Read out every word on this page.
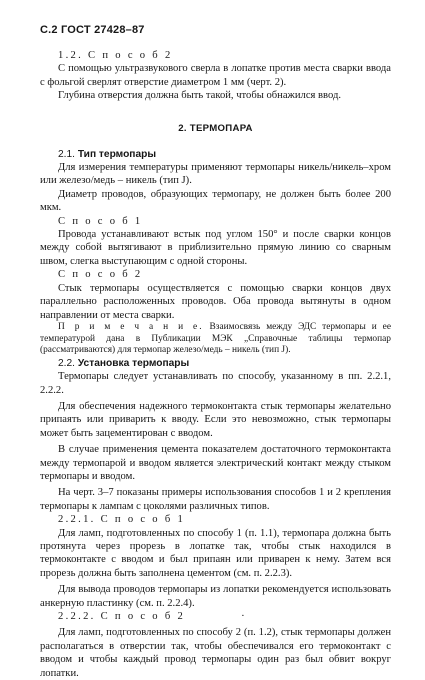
С.2 ГОСТ 27428–87

1.2. С п о с о б 2

С помощью ультразвукового сверла в лопатке против места сварки ввода с фольгой сверлят отверстие диаметром 1 мм (черт. 2).

Глубина отверстия должна быть такой, чтобы обнажился ввод.

2. ТЕРМОПАРА

2.1. Тип термопары

Для измерения температуры применяют термопары никель/никель–хром или железо/медь – никель (тип J).

Диаметр проводов, образующих термопару, не должен быть более 200 мкм.

С п о с о б 1

Провода устанавливают встык под углом 150° и после сварки концов между собой вытягивают в приблизительно прямую линию со сварным швом, слегка выступающим с одной стороны.

С п о с о б 2

Стык термопары осуществляется с помощью сварки концов двух параллельно расположенных проводов. Оба провода вытянуты в одном направлении от места сварки.

П р и м е ч а н и е. Взаимосвязь между ЭДС термопары и ее температурой дана в Публикации МЭК „Справочные таблицы термопар (рассматриваются) для термопар железо/медь – никель (тип J).

2.2. Установка термопары

Термопары следует устанавливать по способу, указанному в пп. 2.2.1, 2.2.2.

Для обеспечения надежного термоконтакта стык термопары желательно припаять или приварить к вводу. Если это невозможно, стык термопары может быть зацементирован с вводом.

В случае применения цемента показателем достаточного термоконтакта между термопарой и вводом является электрический контакт между стыком термопары и вводом.

На черт. 3–7 показаны примеры использования способов 1 и 2 крепления термопары к лампам с цоколями различных типов.

2.2.1. С п о с о б 1

Для ламп, подготовленных по способу 1 (п. 1.1), термопара должна быть протянута через прорезь в лопатке так, чтобы стык находился в термоконтакте с вводом и был припаян или приварен к нему. Затем вся прорезь должна быть заполнена цементом (см. п. 2.2.3).

Для вывода проводов термопары из лопатки рекомендуется использовать анкерную пластинку (см. п. 2.2.4).

2.2.2. С п о с о б 2	·

Для ламп, подготовленных по способу 2 (п. 1.2), стык термопары должен располагаться в отверстии так, чтобы обеспечивался его термоконтакт с вводом и чтобы каждый провод термопары один раз был обвит вокруг лопатки.
